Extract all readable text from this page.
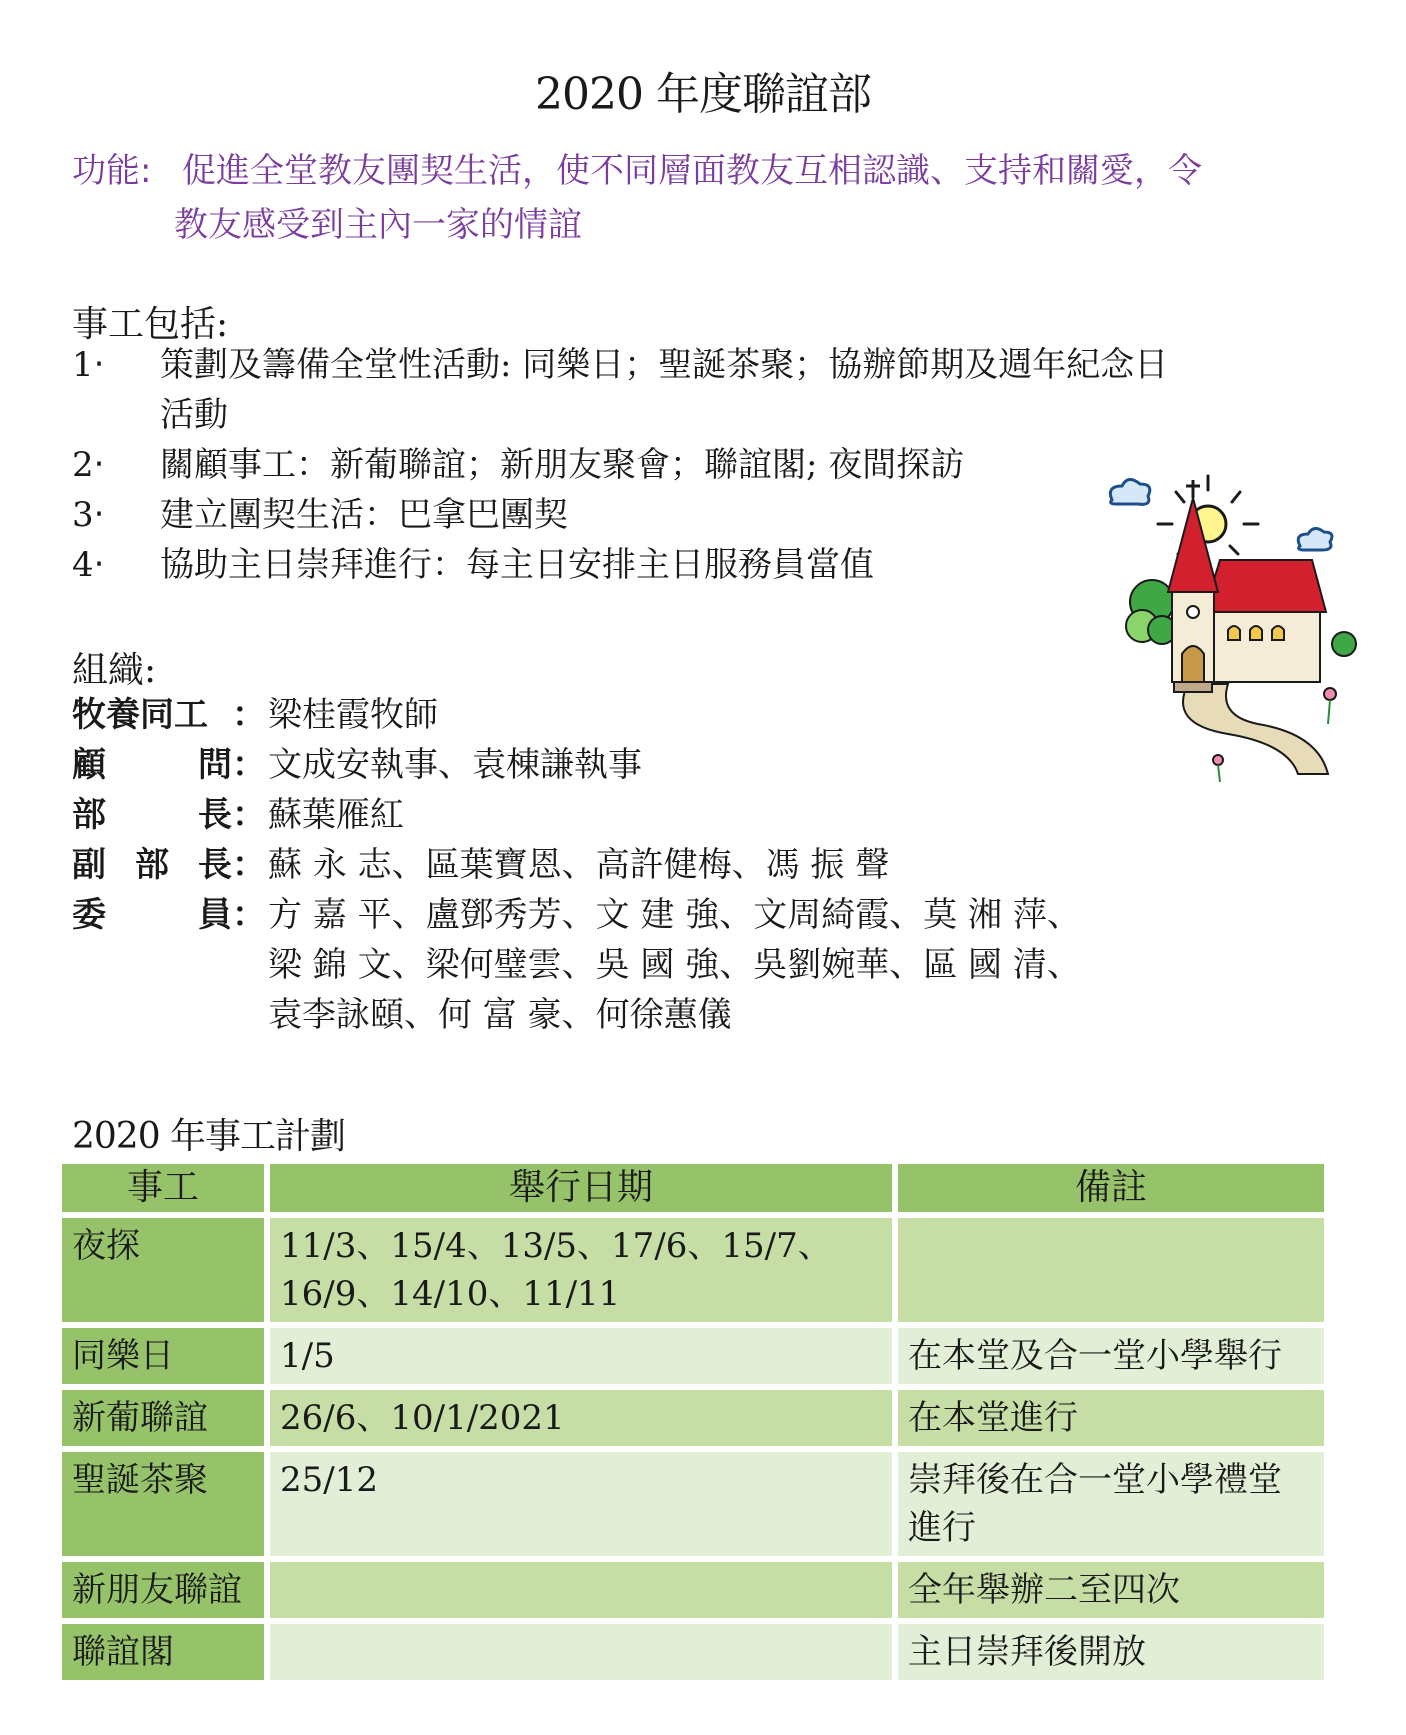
2020 年度聯誼部
功能: 促進全堂教友團契生活，使不同層面教友互相認識、支持和關愛，令
教友感受到主內一家的情誼
事工包括:
1‧ 策劃及籌備全堂性活動: 同樂日；聖誕茶聚；協辦節期及週年紀念日
活動
2‧ 關顧事工：新葡聯誼；新朋友聚會；聯誼閣; 夜間探訪
3‧ 建立團契生活：巴拿巴團契
4‧ 協助主日崇拜進行：每主日安排主日服務員當值
組織:
牧養同工 ： 梁桂霞牧師
顧	問 ： 文成安執事、袁棟謙執事
部	長 ： 蘇葉雁紅
副 部 長 ： 蘇 永 志、區葉寶恩、高許健梅、馮 振 聲
委	員 ： 方 嘉 平、盧鄧秀芳、文 建 強、文周綺霞、莫 湘 萍、
梁 錦 文、梁何璧雲、吳 國 強、吳劉婉華、區 國 清、
袁李詠頤、何 富 豪、何徐蕙儀
2020 年事工計劃
事工	舉行日期	備註
夜探	11/3、15/4、13/5、17/6、15/7、16/9、14/10、11/11	
同樂日	1/5	在本堂及合一堂小學舉行
新葡聯誼	26/6、10/1/2021	在本堂進行
聖誕茶聚	25/12	崇拜後在合一堂小學禮堂進行
新朋友聯誼		全年舉辦二至四次
聯誼閣		主日崇拜後開放
